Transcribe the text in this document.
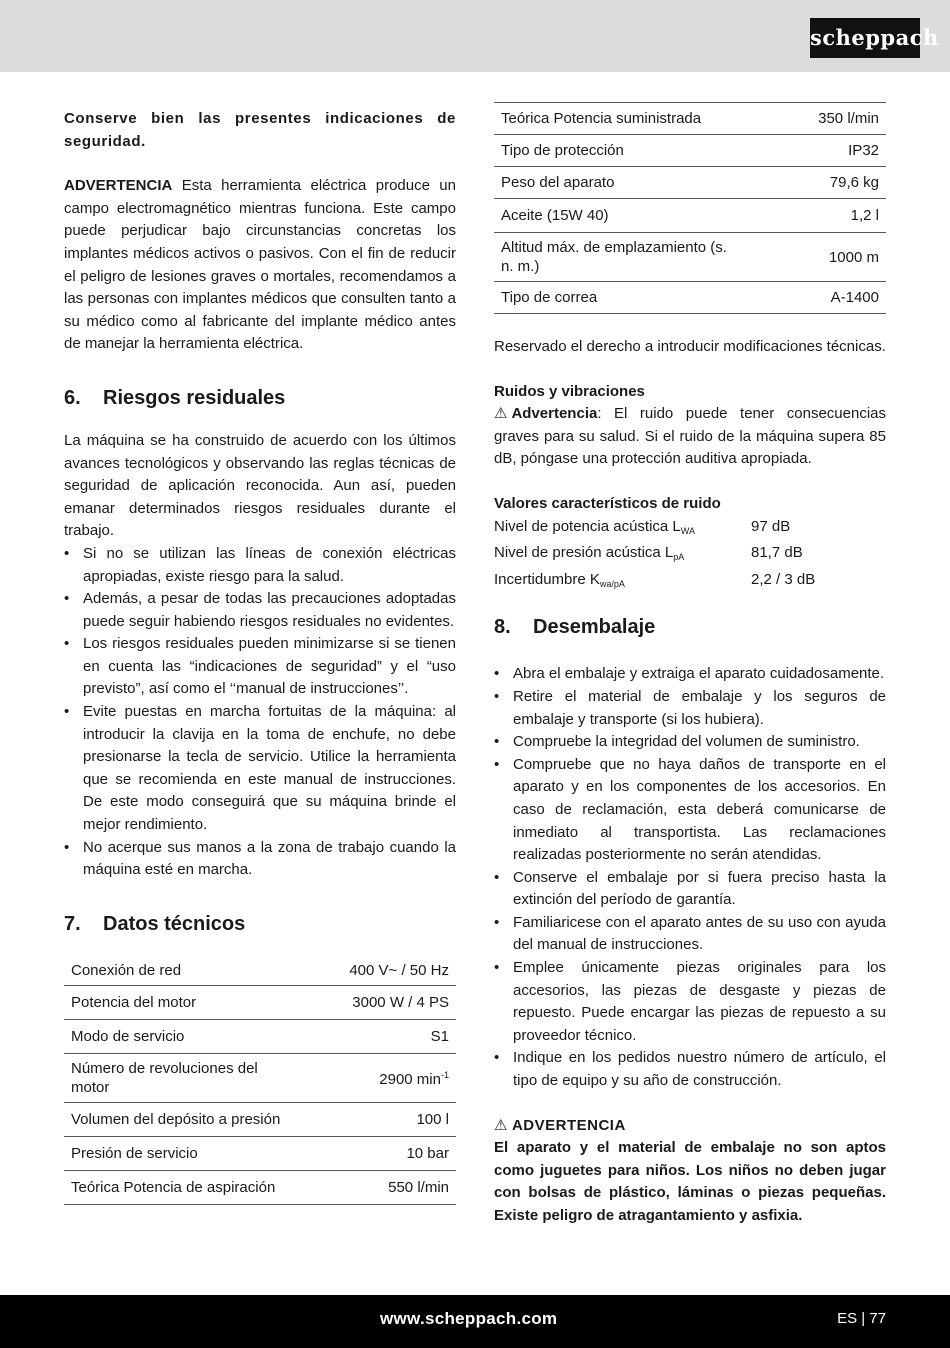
scheppach

Conserve bien las presentes indicaciones de seguridad.

ADVERTENCIA Esta herramienta eléctrica produce un campo electromagnético mientras funciona. Este campo puede perjudicar bajo circunstancias concretas los implantes médicos activos o pasivos. Con el fin de reducir el peligro de lesiones graves o mortales, recomendamos a las personas con implantes médicos que consulten tanto a su médico como al fabricante del implante médico antes de manejar la herramienta eléctrica.

6.	Riesgos residuales

La máquina se ha construido de acuerdo con los últimos avances tecnológicos y observando las reglas técnicas de seguridad de aplicación reconocida. Aun así, pueden emanar determinados riesgos residuales durante el trabajo.

• Si no se utilizan las líneas de conexión eléctricas apropiadas, existe riesgo para la salud.
• Además, a pesar de todas las precauciones adoptadas puede seguir habiendo riesgos residuales no evidentes.
• Los riesgos residuales pueden minimizarse si se tienen en cuenta las “indicaciones de seguridad” y el “uso previsto”, así como el ‘‘manual de instrucciones’’.
• Evite puestas en marcha fortuitas de la máquina: al introducir la clavija en la toma de enchufe, no debe presionarse la tecla de servicio. Utilice la herramienta que se recomienda en este manual de instrucciones. De este modo conseguirá que su máquina brinde el mejor rendimiento.
• No acerque sus manos a la zona de trabajo cuando la máquina esté en marcha.
7.	Datos técnicos
Conexión de red	400 V~ / 50 Hz
Potencia del motor	3000 W / 4 PS
Modo de servicio	S1
Número de revoluciones del motor	2900 $\min^{-1}$
Volumen del depósito a presión	100 l
Presión de servicio	10 bar
Teórica Potencia de aspiración	550 l/min
Teórica Potencia suministrada	350 l/min
Tipo de protección	IP32
Peso del aparato	79,6 kg
Aceite (15W 40)	1,2 l
Altitud máx. de emplazamiento (s. n. m.)	1000 m
Tipo de correa	A-1400

Reservado el derecho a introducir modificaciones técnicas.

Ruidos y vibraciones

⚠ Advertencia: El ruido puede tener consecuencias graves para su salud. Si el ruido de la máquina supera 85 dB, póngase una protección auditiva apropiada.

Valores característicos de ruido

Nivel de potencia acústica $L_{WA}$	97 dB
Nivel de presión acústica $L_{pA}$	81,7 dB
Incertidumbre $K_{wa/pA}$	2,2 / 3 dB
8.	Desembalaje
• Abra el embalaje y extraiga el aparato cuidadosamente.
• Retire el material de embalaje y los seguros de embalaje y transporte (si los hubiera).
• Compruebe la integridad del volumen de suministro.
• Compruebe que no haya daños de transporte en el aparato y en los componentes de los accesorios. En caso de reclamación, esta deberá comunicarse de inmediato al transportista. Las reclamaciones realizadas posteriormente no serán atendidas.
• Conserve el embalaje por si fuera preciso hasta la extinción del período de garantía.
• Familiaricese con el aparato antes de su uso con ayuda del manual de instrucciones.
• Emplee únicamente piezas originales para los accesorios, las piezas de desgaste y piezas de repuesto. Puede encargar las piezas de repuesto a su proveedor técnico.
• Indique en los pedidos nuestro número de artículo, el tipo de equipo y su año de construcción.

⚠ ADVERTENCIA

El aparato y el material de embalaje no son aptos como juguetes para niños. Los niños no deben jugar con bolsas de plástico, láminas o piezas pequeñas. Existe peligro de atragantamiento y asfixia.

www.scheppach.com	ES | 77
